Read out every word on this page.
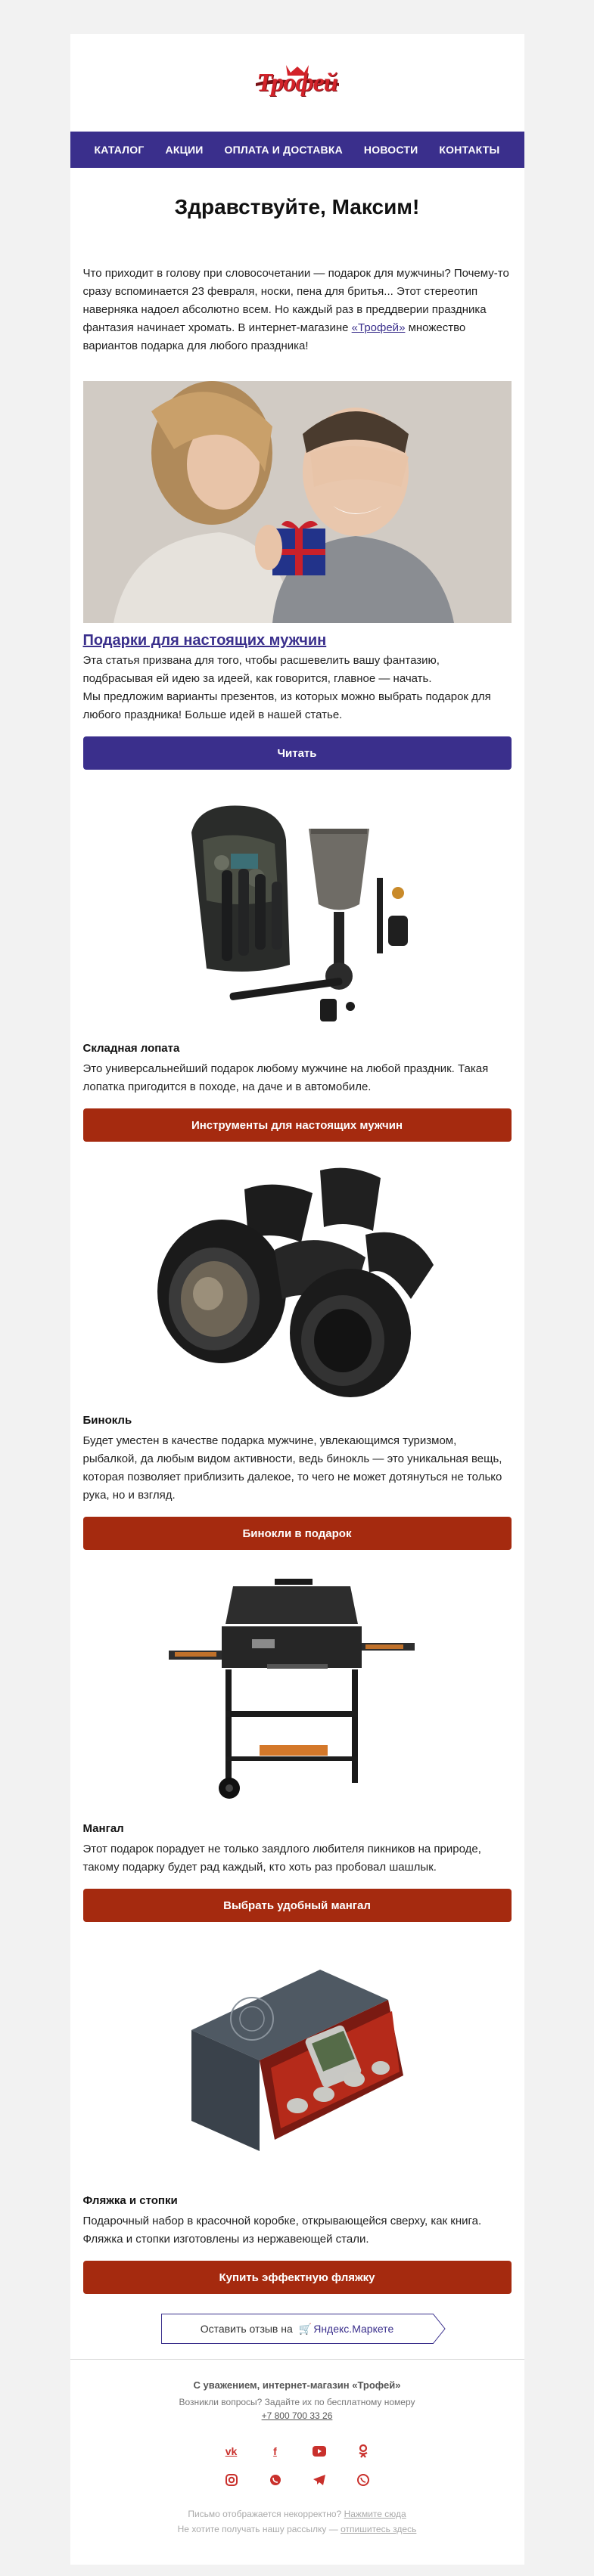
Трофей
КАТАЛОГ	АКЦИИ	ОПЛАТА И ДОСТАВКА	НОВОСТИ	КОНТАКТЫ
Здравствуйте, Максим!

Что приходит в голову при словосочетании — подарок для мужчины? Почему-то сразу вспоминается 23 февраля, носки, пена для бритья... Этот стереотип наверняка надоел абсолютно всем. Но каждый раз в преддверии праздника фантазия начинает хромать. В интернет-магазине «Трофей» множество вариантов подарка для любого праздника!

Подарки для настоящих мужчин

Эта статья призвана для того, чтобы расшевелить вашу фантазию, подбрасывая ей идею за идеей, как говорится, главное — начать.
Мы предложим варианты презентов, из которых можно выбрать подарок для любого праздника! Больше идей в нашей статье.

Читать
Складная лопата

Это универсальнейший подарок любому мужчине на любой праздник. Такая лопатка пригодится в походе, на даче и в автомобиле.

Инструменты для настоящих мужчин
Бинокль

Будет уместен в качестве подарка мужчине, увлекающимся туризмом, рыбалкой, да любым видом активности, ведь бинокль — это уникальная вещь, которая позволяет приблизить далекое, то чего не может дотянуться не только рука, но и взгляд.

Бинокли в подарок
Мангал

Этот подарок порадует не только заядлого любителя пикников на природе, такому подарку будет рад каждый, кто хоть раз пробовал шашлык.

Выбрать удобный мангал
Фляжка и стопки

Подарочный набор в красочной коробке, открывающейся сверху, как книга. Фляжка и стопки изготовлены из нержавеющей стали.

Купить эффектную фляжку
Оставить отзыв на 🛒 Яндекс.Маркете
С уважением, интернет-магазин «Трофей»
Возникли вопросы? Задайте их по бесплатному номеру
+7 800 700 33 26
vk	f
Письмо отображается некорректно? Нажмите сюда
Не хотите получать нашу рассылку — отпишитесь здесь
